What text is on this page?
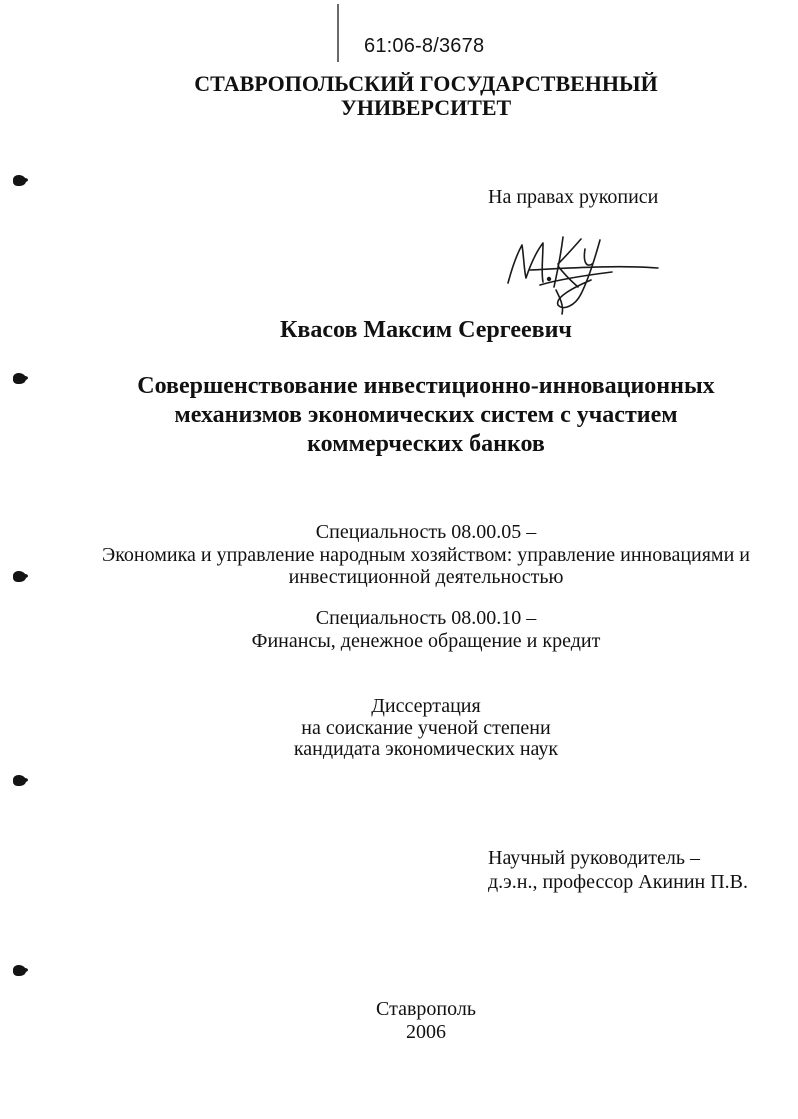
61:06-8/3678
СТАВРОПОЛЬСКИЙ ГОСУДАРСТВЕННЫЙ
УНИВЕРСИТЕТ
На правах рукописи
Квасов Максим Сергеевич
Совершенствование инвестиционно-инновационных
механизмов экономических систем с участием
коммерческих банков
Специальность 08.00.05 –
Экономика и управление народным хозяйством: управление инновациями и
инвестиционной деятельностью
Специальность 08.00.10 –
Финансы, денежное обращение и кредит
Диссертация
на соискание ученой степени
кандидата экономических наук
Научный руководитель –
д.э.н., профессор Акинин П.В.
Ставрополь
2006
